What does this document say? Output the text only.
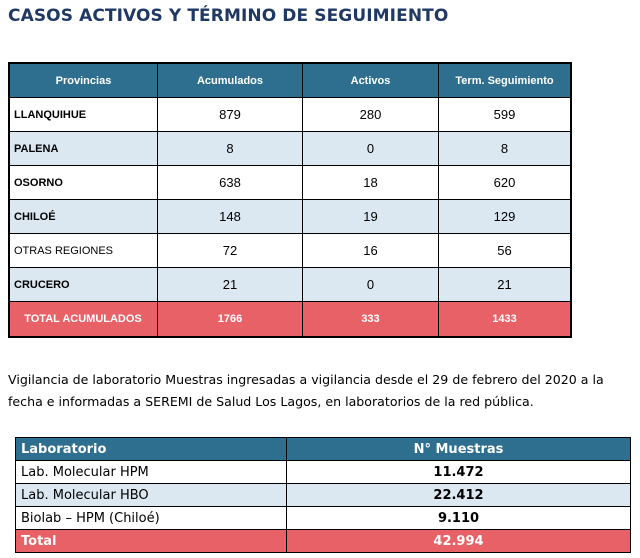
CASOS ACTIVOS Y TÉRMINO DE SEGUIMIENTO
Provincias	Acumulados	Activos	Term. Seguimiento
LLANQUIHUE	879	280	599
PALENA	8	0	8
OSORNO	638	18	620
CHILOÉ	148	19	129
OTRAS REGIONES	72	16	56
CRUCERO	21	0	21
TOTAL ACUMULADOS	1766	333	1433
Vigilancia de laboratorio Muestras ingresadas a vigilancia desde el 29 de febrero del 2020 a la fecha e informadas a SEREMI de Salud Los Lagos, en laboratorios de la red pública.
Laboratorio	N° Muestras
Lab. Molecular HPM	11.472
Lab. Molecular HBO	22.412
Biolab – HPM (Chiloé)	9.110
Total	42.994
